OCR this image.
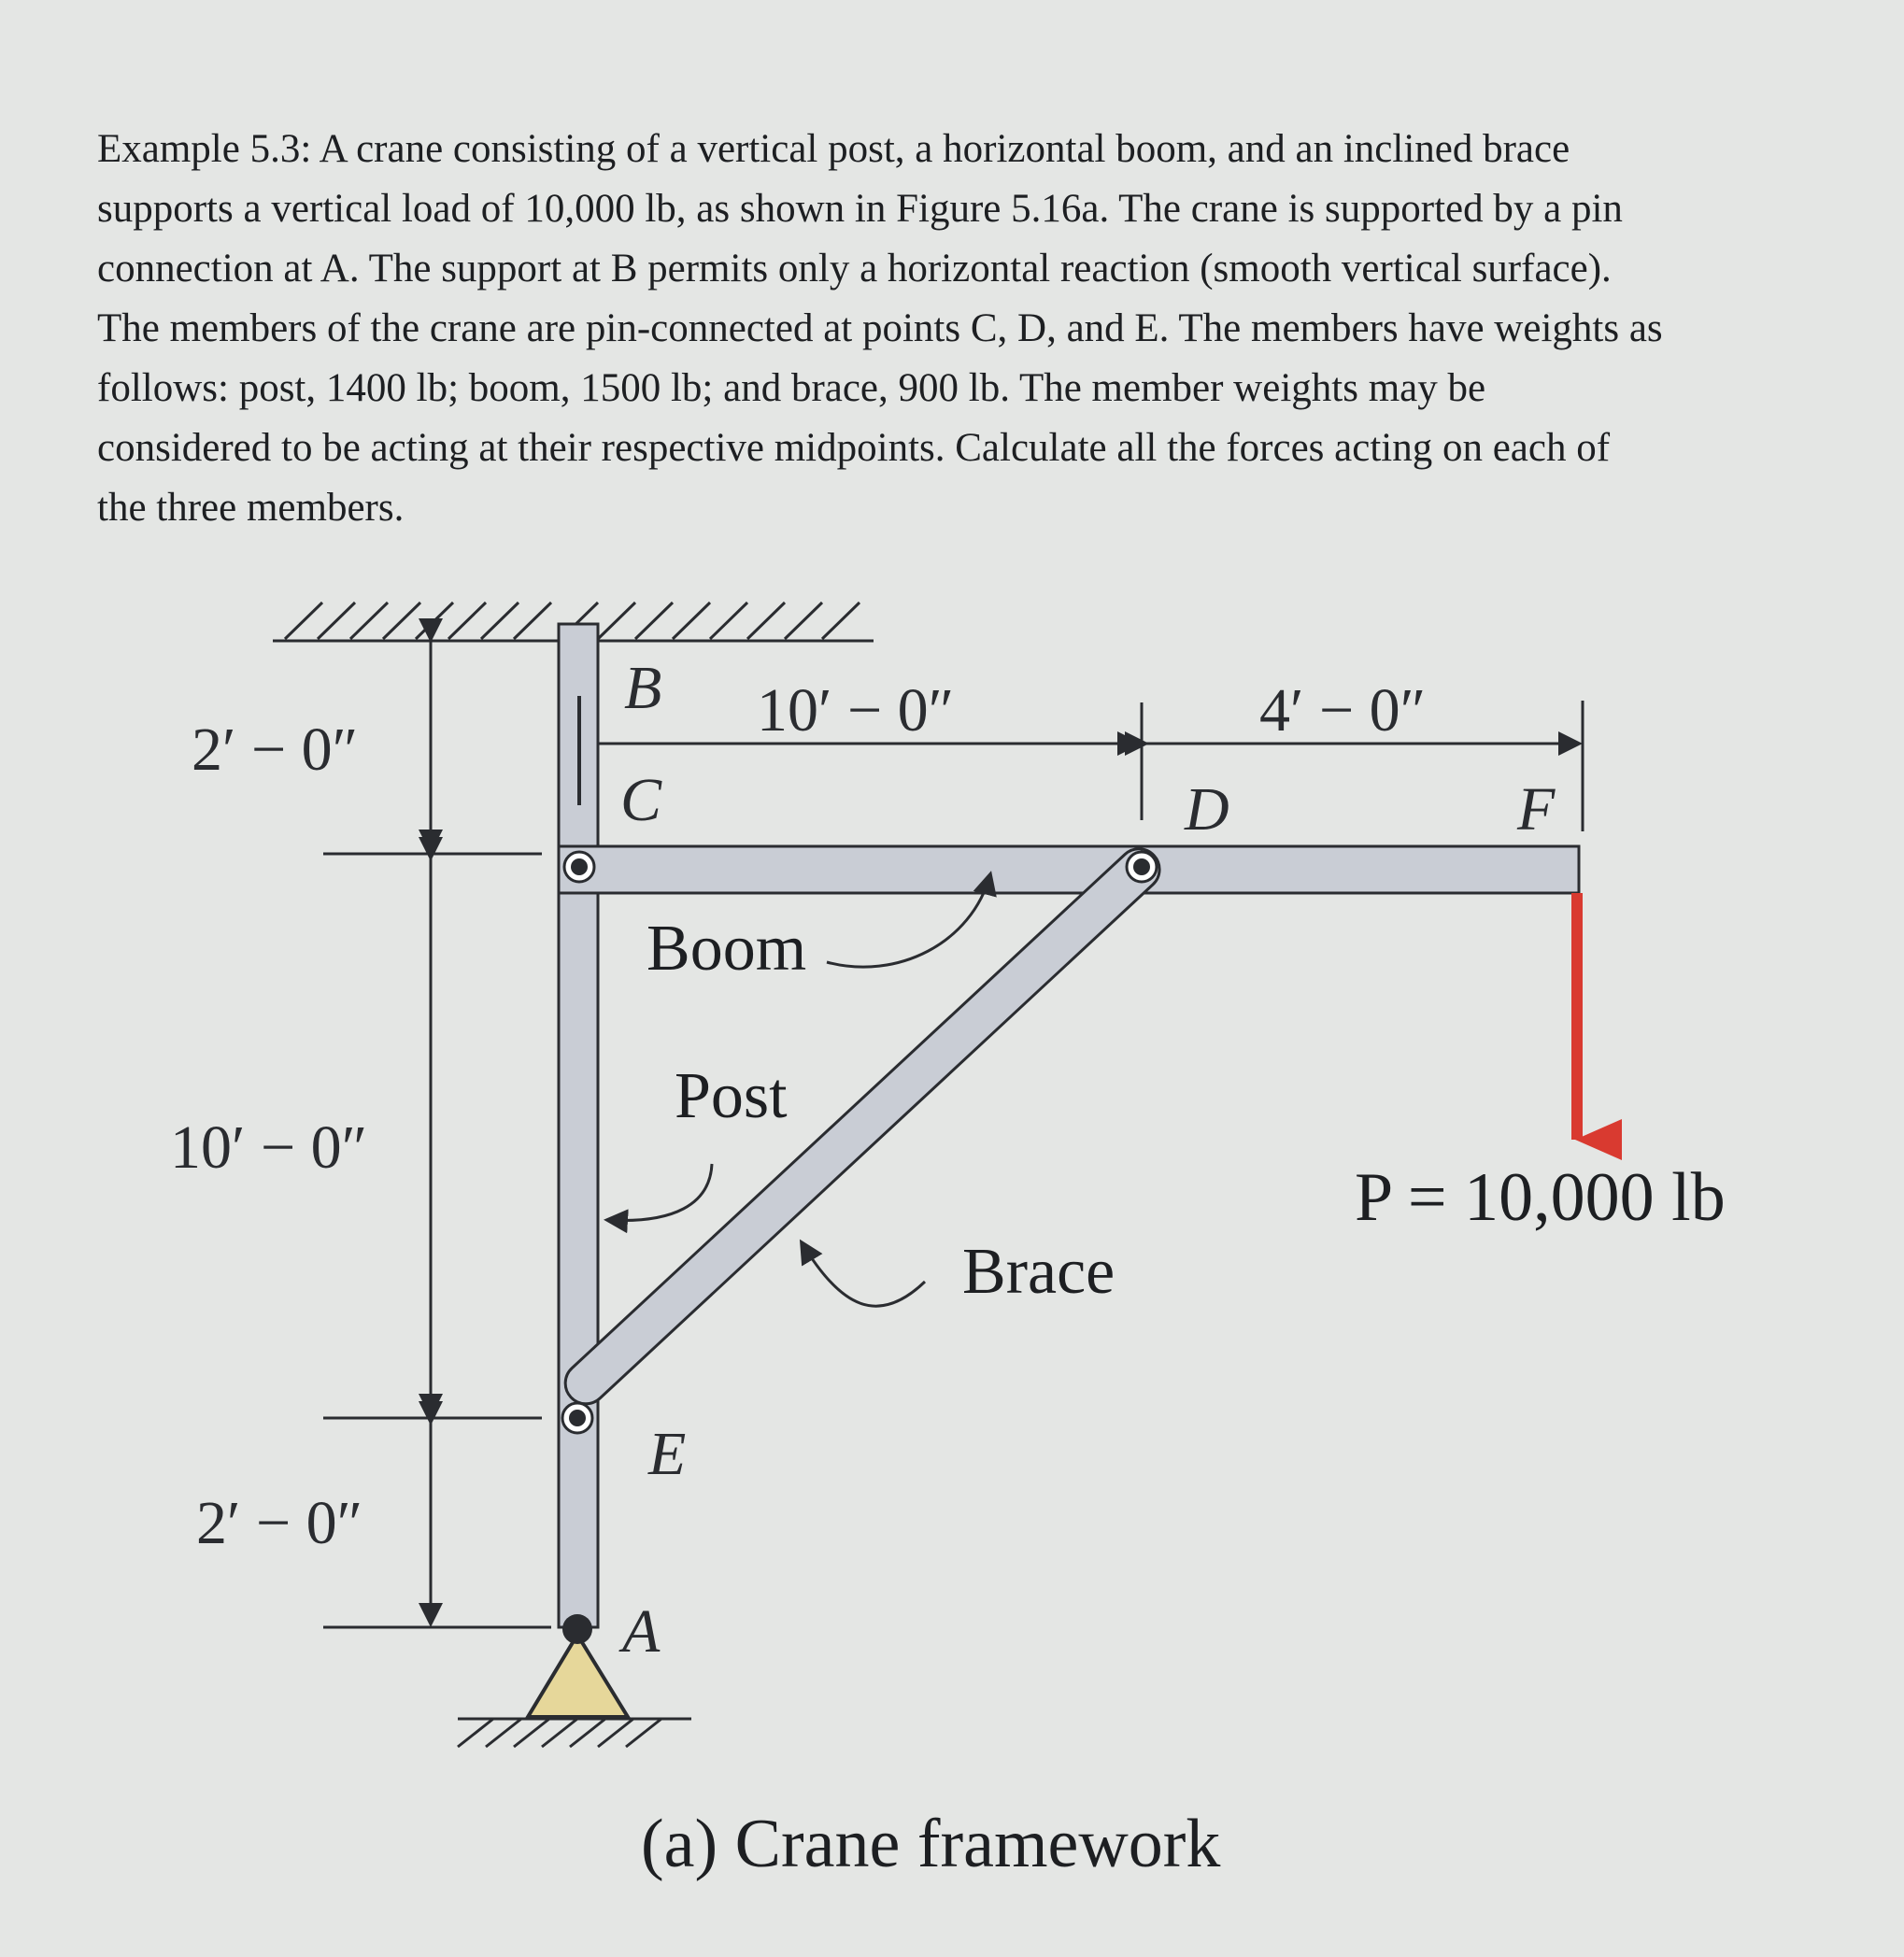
Example 5.3: A crane consisting of a vertical post, a horizontal boom, and an inclined brace

supports a vertical load of 10,000 lb, as shown in Figure 5.16a. The crane is supported by a pin

connection at A. The support at B permits only a horizontal reaction (smooth vertical surface).

The members of the crane are pin-connected at points C, D, and E. The members have weights as

follows: post, 1400 lb; boom, 1500 lb; and brace, 900 lb. The member weights may be

considered to be acting at their respective midpoints. Calculate all the forces acting on each of

the three members.

2′ − 0″
10′ − 0″
2′ − 0″
10′ − 0″	4′ − 0″
B
C	D	F
E
A
Boom
Post
Brace
P = 10,000 lb
(a) Crane framework
